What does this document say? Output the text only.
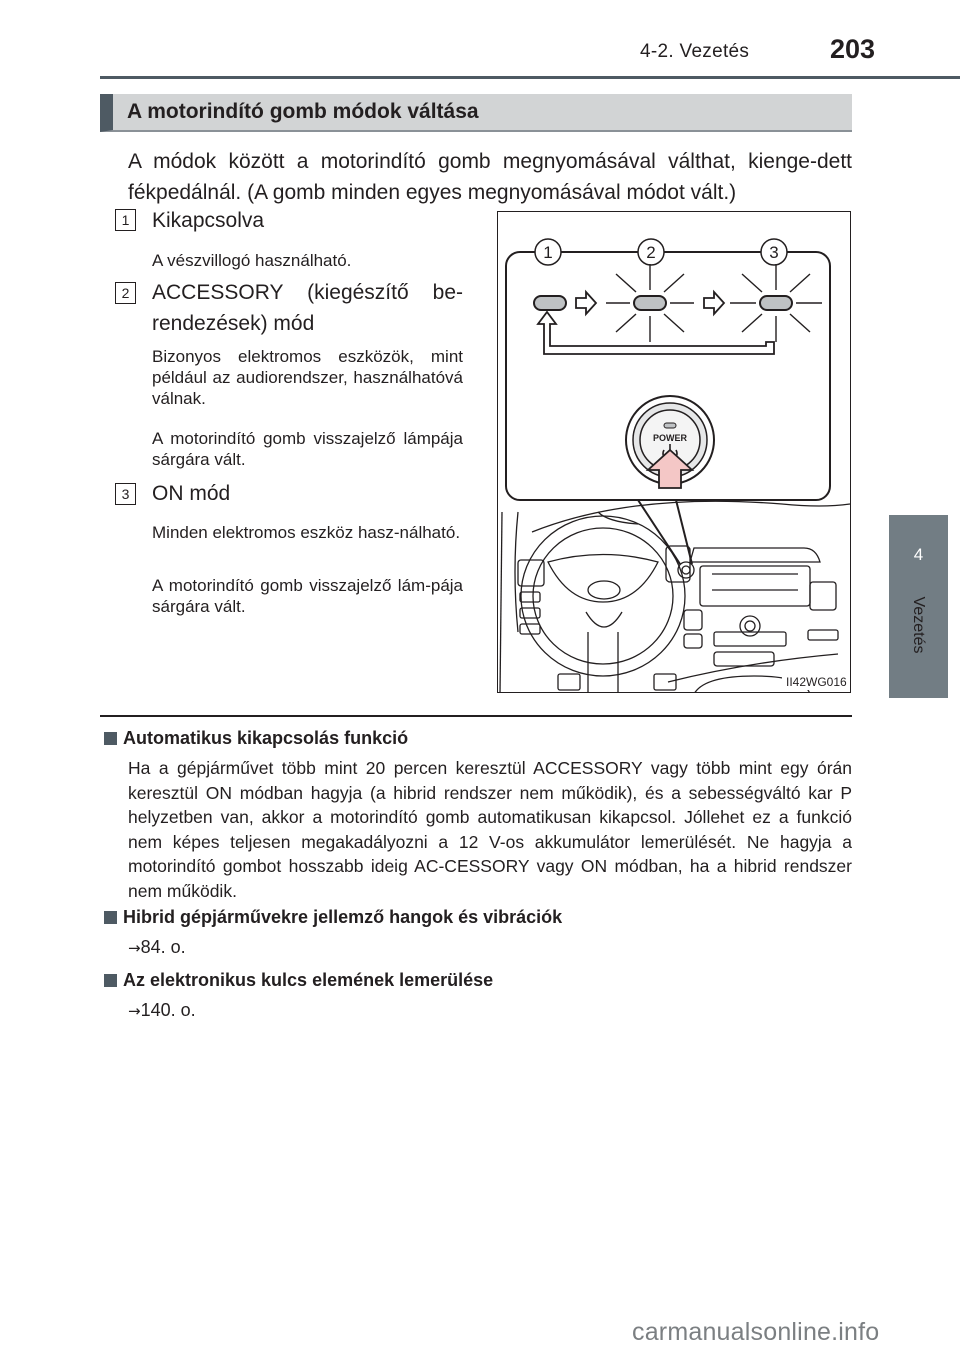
4-2. Vezetés	203
4
Vezetés
A motorindító gomb módok váltása
A módok között a motorindító gomb megnyomásával válthat, kienge-dett fékpedálnál. (A gomb minden egyes megnyomásával módot vált.)
1	Kikapcsolva
A vészvillogó használható.
2	ACCESSORY (kiegészítő be-
rendezések) mód
Bizonyos elektromos eszközök, mint például az audiorendszer, használhatóvá válnak.
A motorindító gomb visszajelző lámpája sárgára vált.
3	ON mód
Minden elektromos eszköz hasz-nálható.
A motorindító gomb visszajelző lám-pája sárgára vált.
1	2	3
POWER
II42WG016
Automatikus kikapcsolás funkció
Ha a gépjárművet több mint 20 percen keresztül ACCESSORY vagy több mint egy órán keresztül ON módban hagyja (a hibrid rendszer nem működik), és a sebességváltó kar P helyzetben van, akkor a motorindító gomb automatikusan kikapcsol. Jóllehet ez a funkció nem képes teljesen megakadályozni a 12 V-os akkumulátor lemerülését. Ne hagyja a motorindító gombot hosszabb ideig AC-CESSORY vagy ON módban, ha a hibrid rendszer nem működik.
Hibrid gépjárművekre jellemző hangok és vibrációk
→84. o.
Az elektronikus kulcs elemének lemerülése
→140. o.
carmanualsonline.info
